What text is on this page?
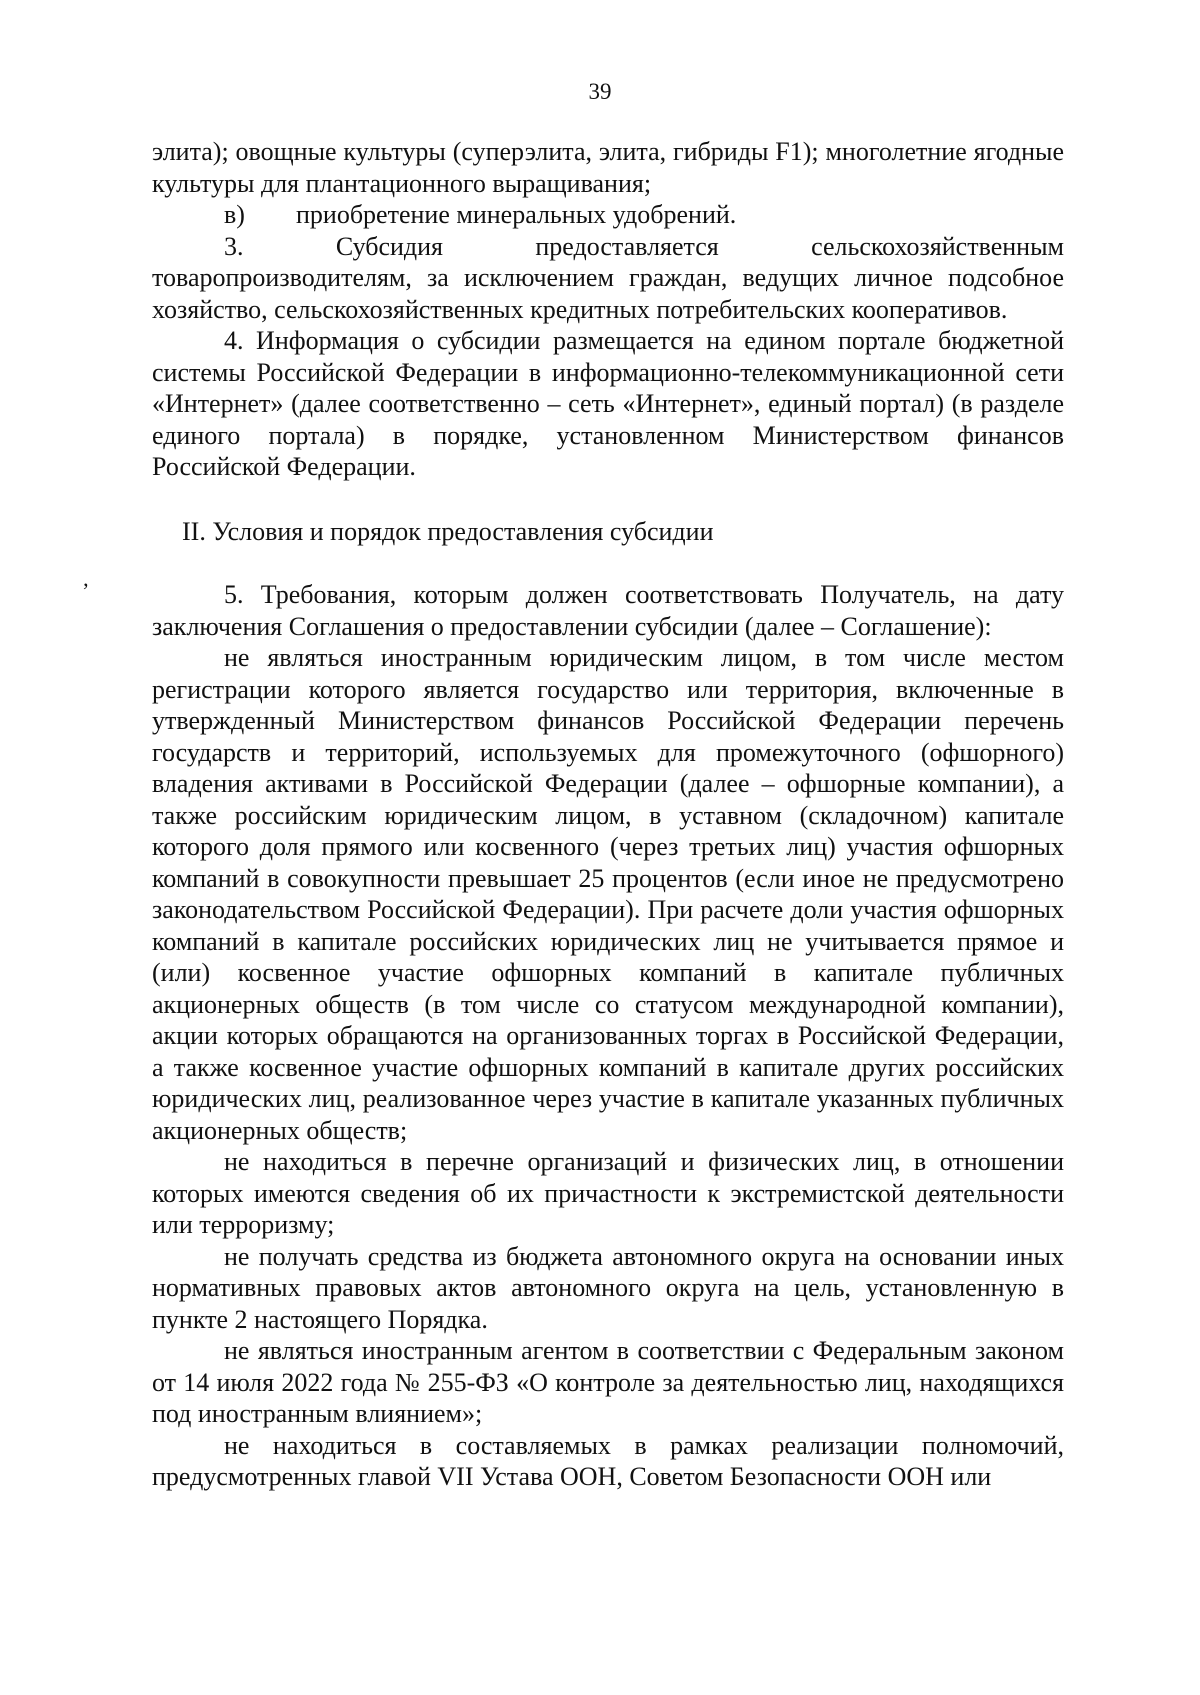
39
’

элита); овощные культуры (суперэлита, элита, гибриды F1); многолетние ягодные культуры для плантационного выращивания;

в)	приобретение минеральных удобрений.

3. Субсидия предоставляется сельскохозяйственным товаропроизводителям, за исключением граждан, ведущих личное подсобное хозяйство, сельскохозяйственных кредитных потребительских кооперативов.

4. Информация о субсидии размещается на едином портале бюджетной системы Российской Федерации в информационно-телекоммуникационной сети «Интернет» (далее соответственно – сеть «Интернет», единый портал) (в разделе единого портала) в порядке, установленном Министерством финансов Российской Федерации.

II. Условия и порядок предоставления субсидии

5. Требования, которым должен соответствовать Получатель, на дату заключения Соглашения о предоставлении субсидии (далее – Соглашение):

не являться иностранным юридическим лицом, в том числе местом регистрации которого является государство или территория, включенные в утвержденный Министерством финансов Российской Федерации перечень государств и территорий, используемых для промежуточного (офшорного) владения активами в Российской Федерации (далее – офшорные компании), а также российским юридическим лицом, в уставном (складочном) капитале которого доля прямого или косвенного (через третьих лиц) участия офшорных компаний в совокупности превышает 25 процентов (если иное не предусмотрено законодательством Российской Федерации). При расчете доли участия офшорных компаний в капитале российских юридических лиц не учитывается прямое и (или) косвенное участие офшорных компаний в капитале публичных акционерных обществ (в том числе со статусом международной компании), акции которых обращаются на организованных торгах в Российской Федерации, а также косвенное участие офшорных компаний в капитале других российских юридических лиц, реализованное через участие в капитале указанных публичных акционерных обществ;

не находиться в перечне организаций и физических лиц, в отношении которых имеются сведения об их причастности к экстремистской деятельности или терроризму;

не получать средства из бюджета автономного округа на основании иных нормативных правовых актов автономного округа на цель, установленную в пункте 2 настоящего Порядка.

не являться иностранным агентом в соответствии с Федеральным законом от 14 июля 2022 года № 255-ФЗ «О контроле за деятельностью лиц, находящихся под иностранным влиянием»;

не находиться в составляемых в рамках реализации полномочий, предусмотренных главой VII Устава ООН, Советом Безопасности ООН или
